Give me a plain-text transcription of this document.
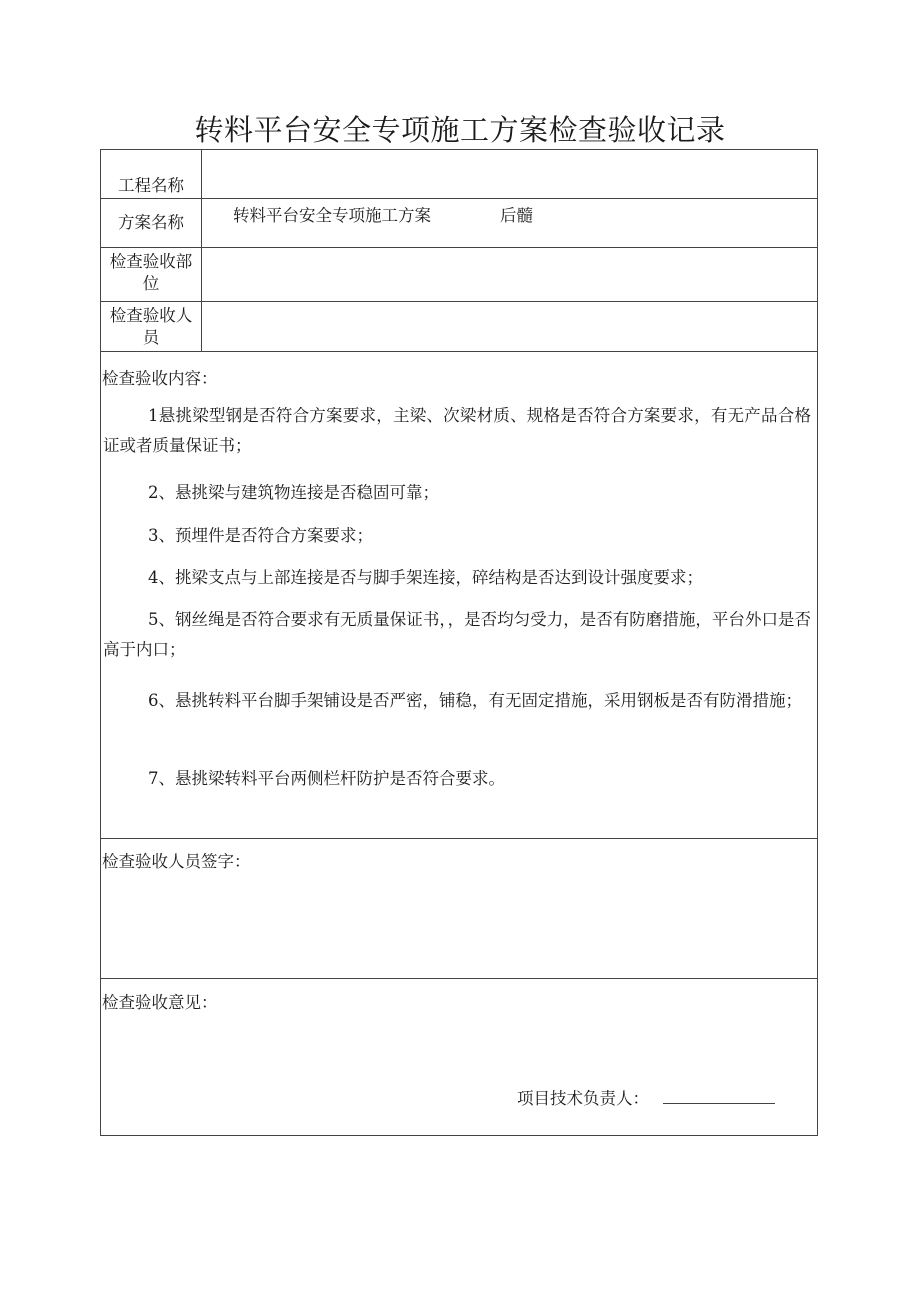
转料平台安全专项施工方案检查验收记录
工程名称
方案名称	转料平台安全专项施工方案	后髓
检查验收部
位
检查验收人
员
检查验收内容：
1悬挑梁型钢是否符合方案要求，主梁、次梁材质、规格是否符合方案要求，有无产品合格证或者质量保证书；
2、悬挑梁与建筑物连接是否稳固可靠；
3、预埋件是否符合方案要求；
4、挑梁支点与上部连接是否与脚手架连接，碎结构是否达到设计强度要求；
5、钢丝绳是否符合要求有无质量保证书，，是否均匀受力，是否有防磨措施，平台外口是否高于内口；
6、悬挑转料平台脚手架铺设是否严密，铺稳，有无固定措施，采用钢板是否有防滑措施；
7、悬挑梁转料平台两侧栏杆防护是否符合要求。
检查验收人员签字：
检查验收意见：
项目技术负责人：
